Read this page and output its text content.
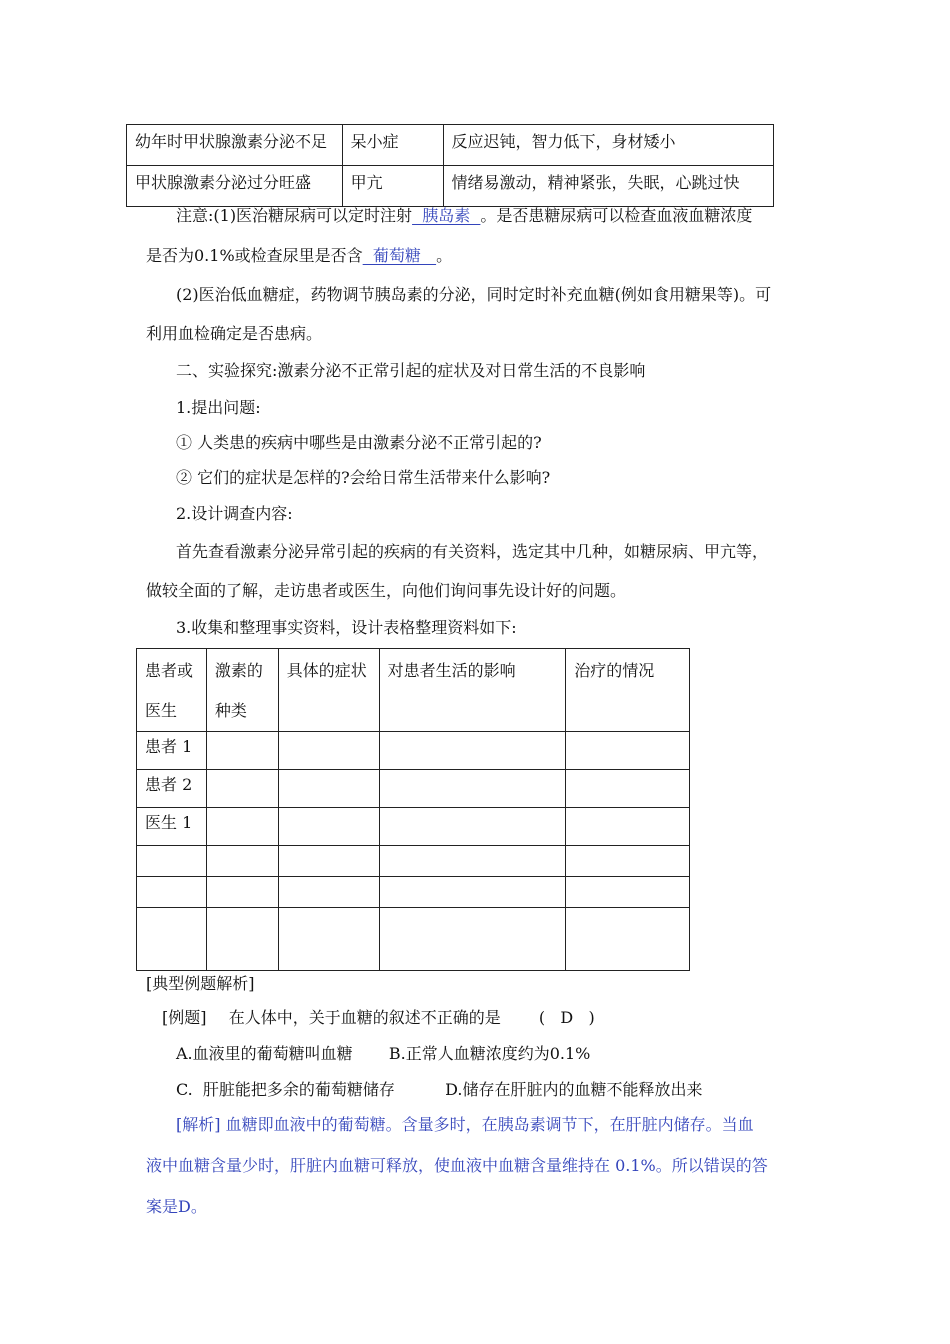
幼年时甲状腺激素分泌不足	呆小症	反应迟钝，智力低下，身材矮小
甲状腺激素分泌过分旺盛	甲亢	情绪易激动，精神紧张，失眠，心跳过快
注意:(1)医治糖尿病可以定时注射  胰岛素  。是否患糖尿病可以检查血液血糖浓度
是否为0.1%或检查尿里是否含  葡萄糖   。
(2)医治低血糖症，药物调节胰岛素的分泌，同时定时补充血糖(例如食用糖果等)。可
利用血检确定是否患病。
二、实验探究:激素分泌不正常引起的症状及对日常生活的不良影响
1.提出问题:
① 人类患的疾病中哪些是由激素分泌不正常引起的?
② 它们的症状是怎样的?会给日常生活带来什么影响?
2.设计调查内容:
首先查看激素分泌异常引起的疾病的有关资料，选定其中几种，如糖尿病、甲亢等，
做较全面的了解，走访患者或医生，向他们询问事先设计好的问题。
3.收集和整理事实资料，设计表格整理资料如下:
患者或医生	激素的种类	具体的症状	对患者生活的影响	治疗的情况
患者 1				
患者 2				
医生 1				

[典型例题解析]
[例题] 在人体中，关于血糖的叙述不正确的是 (   D   )
A.血液里的葡萄糖叫血糖 B.正常人血糖浓度约为0.1%
C.  肝脏能把多余的葡萄糖储存	D.储存在肝脏内的血糖不能释放出来
[解析] 血糖即血液中的葡萄糖。含量多时，在胰岛素调节下，在肝脏内储存。当血
液中血糖含量少时，肝脏内血糖可释放，使血液中血糖含量维持在 0.1%。所以错误的答
案是D。
